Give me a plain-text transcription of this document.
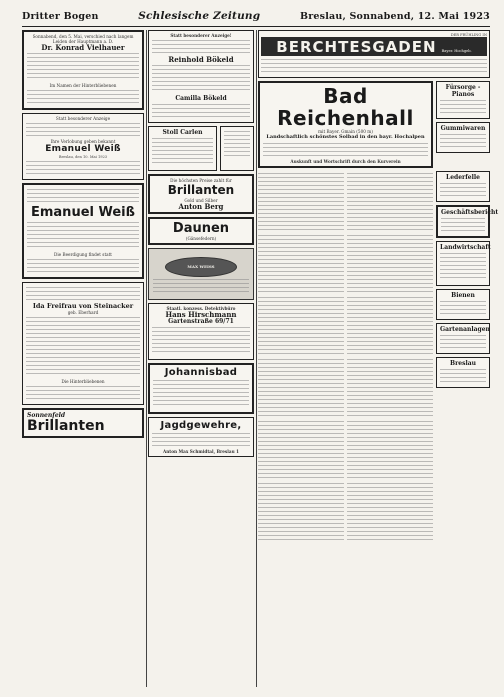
Dritter Bogen	Schlesische Zeitung	Breslau, Sonnabend, 12. Mai 1923
Sonnabend, den 5. Mai, verschied nach langem Leiden der Hauptmann a. D.
Dr. Konrad Vielhauer
Im Namen der Hinterbliebenen
Statt besonderer Anzeige
Ihre Verlobung geben bekannt
Emanuel Weiß
Breslau, den 10. Mai 1923
Emanuel Weiß
Die Beerdigung findet statt
Ida Freifrau von Steinacker
geb. Eberhard
Die Hinterbliebenen
Sonnenfeld
Brillanten
Statt besonderer Anzeige!
Reinhold Bökeld
Camilla Bökeld
Stoll Carlen
Die höchsten Preise zahlt für
Brillanten
Gold und Silber
Anton Berg
Daunen
(Gänsefedern)
MAX WEISS
Staatl. konzess. Detektivbüro
Hans Hirschmann
Gartenstraße 69/71
Johannisbad
Jagdgewehre,
Anton Max Schmidtal, Breslau 1
DER FRÜHLING IN
BERCHTESGADEN Bayer. Hochgeb.
Bad Reichenhall
mit Bayer. Gmain (500 m)
Landschaftlich schönstes Solbad in den bayr. Hochalpen
Auskunft und Wortschrift durch den Kurverein
Fürsorge - Pianos
Gummiwaren
Lederfelle
Geschäftsbericht
Landwirtschaft
Bienen
Gartenanlagen
Breslau
